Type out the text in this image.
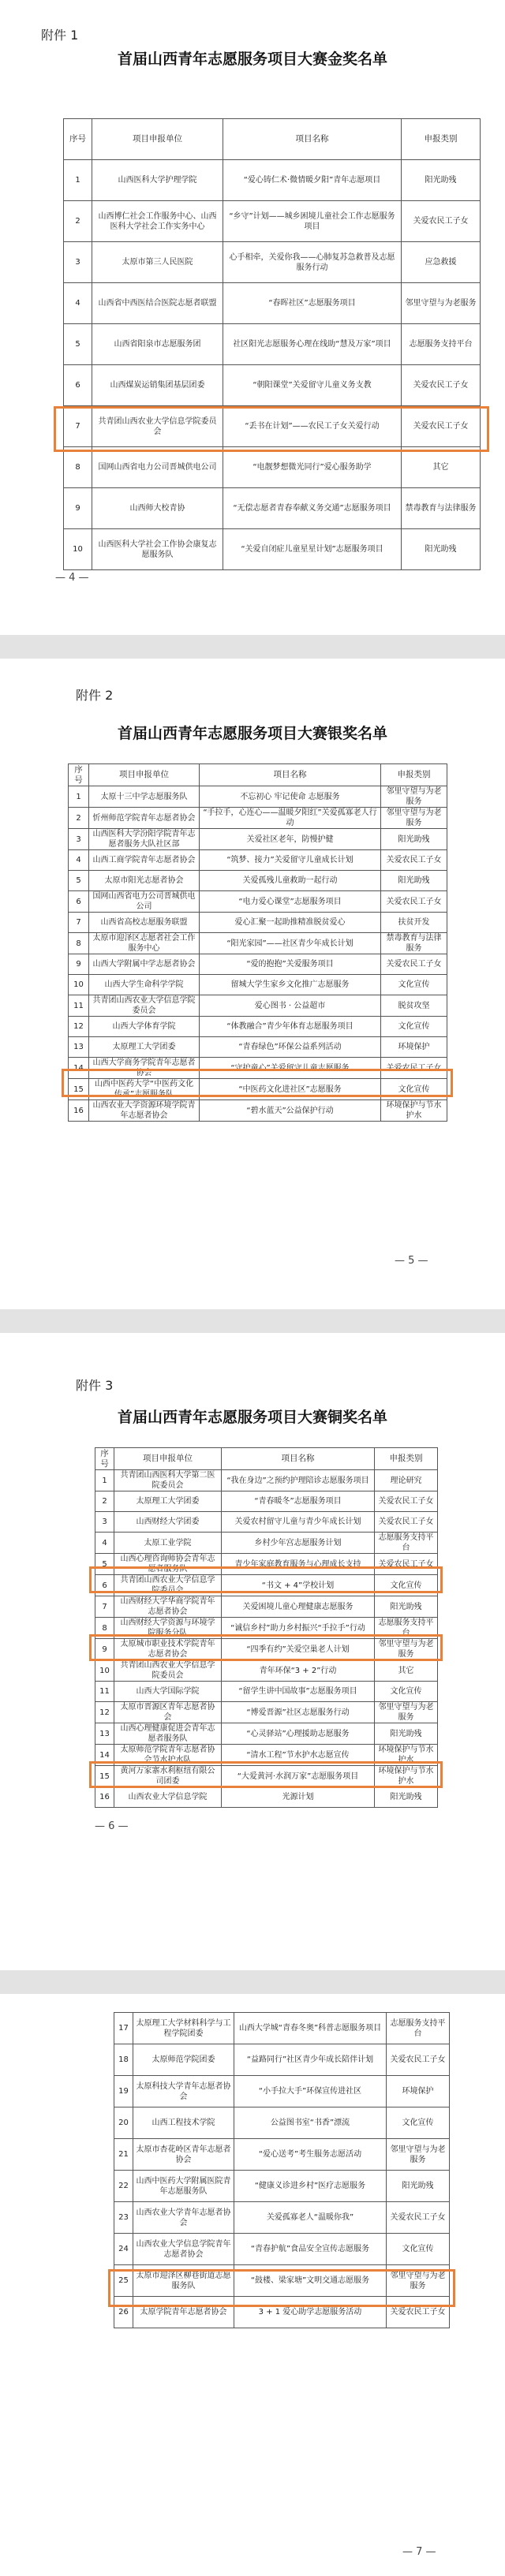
附件 1
首届山西青年志愿服务项目大赛金奖名单
序号	项目申报单位	项目名称	申报类别
1	山西医科大学护理学院	“爱心铸仁术·微情暖夕阳”青年志愿项目	阳光助残
2	山西博仁社会工作服务中心、山西医科大学社会工作实务中心	“乡守”计划——城乡困境儿童社会工作志愿服务项目	关爱农民工子女
3	太原市第三人民医院	心手相牵，关爱你我——心肺复苏急救普及志愿服务行动	应急救援
4	山西省中西医结合医院志愿者联盟	“春晖社区”志愿服务项目	邻里守望与为老服务
5	山西省阳泉市志愿服务团	社区阳光志愿服务心理在线助“慧及万家”项目	志愿服务支持平台
6	山西煤炭运销集团基层团委	“朝阳课堂”关爱留守儿童义务支教	关爱农民工子女
7	共青团山西农业大学信息学院委员会	“丢书在计划”——农民工子女关爱行动	关爱农民工子女
8	国网山西省电力公司晋城供电公司	“电靓梦想微光同行”爱心服务助学	其它
9	山西师大校青协	“无偿志愿者青春奉献义务交通”志愿服务项目	禁毒教育与法律服务
10	山西医科大学社会工作协会康复志愿服务队	“关爱自闭症儿童星星计划”志愿服务项目	阳光助残
— 4 —
附件 2
首届山西青年志愿服务项目大赛银奖名单
序号	项目申报单位	项目名称	申报类别
1	太原十三中学志愿服务队	不忘初心 牢记使命 志愿服务	邻里守望与为老服务
2	忻州师范学院青年志愿者协会	“手拉手，心连心——温暖夕阳红”关爱孤寡老人行动	邻里守望与为老服务
3	山西医科大学汾阳学院青年志愿者服务大队社区部	关爱社区老年，防慢护健	阳光助残
4	山西工商学院青年志愿者协会	“筑梦、接力”关爱留守儿童成长计划	关爱农民工子女
5	太原市阳光志愿者协会	关爱孤残儿童救助一起行动	阳光助残
6	国网山西省电力公司晋城供电公司	“电力爱心课堂”志愿服务项目	关爱农民工子女
7	山西省高校志愿服务联盟	爱心汇聚一起助推精准脱贫爱心	扶贫开发
8	太原市迎泽区志愿者社会工作服务中心	“阳光家园”——社区青少年成长计划	禁毒教育与法律服务
9	山西大学附属中学志愿者协会	“爱的抱抱”关爱服务项目	关爱农民工子女
10	山西大学生命科学学院	留城大学生家乡文化推广志愿服务	文化宣传
11	共青团山西农业大学信息学院委员会	爱心图书 · 公益超市	脱贫攻坚
12	山西大学体育学院	“体教融合”青少年体育志愿服务项目	文化宣传
13	太原理工大学团委	“青春绿色”环保公益系列活动	环境保护
14	山西大学商务学院青年志愿者协会	“守护童心”关爱留守儿童志愿服务	关爱农民工子女
15	山西中医药大学“中医药文化传承”志愿服务队	“中医药文化进社区”志愿服务	文化宣传
16	山西农业大学资源环境学院青年志愿者协会	“碧水蓝天”公益保护行动	环境保护与节水护水
— 5 —
附件 3
首届山西青年志愿服务项目大赛铜奖名单
序号	项目申报单位	项目名称	申报类别
1	共青团山西医科大学第二医院委员会	“我在身边”之预约护理陪诊志愿服务项目	理论研究
2	太原理工大学团委	“青春暖冬”志愿服务项目	关爱农民工子女
3	山西财经大学团委	关爱农村留守儿童与青少年成长计划	关爱农民工子女
4	太原工业学院	乡村少年宫志愿服务计划	志愿服务支持平台
5	山西心理咨询师协会青年志愿者服务队	青少年家庭教育服务与心理成长支持	关爱农民工子女
6	共青团山西农业大学信息学院委员会	“书文 + 4”学校计划	文化宣传
7	山西财经大学华商学院青年志愿者协会	关爱困境儿童心理健康志愿服务	阳光助残
8	山西财经大学资源与环境学院服务分队	“诚信乡村”助力乡村振兴“手拉手”行动	志愿服务支持平台
9	太原城市职业技术学院青年志愿者协会	“四季有约”关爱空巢老人计划	邻里守望与为老服务
10	共青团山西农业大学信息学院委员会	青年环保“3 + 2”行动	其它
11	山西大学国际学院	“留学生讲中国故事”志愿服务项目	文化宣传
12	太原市晋源区青年志愿者协会	“博爱晋源”社区志愿服务行动	邻里守望与为老服务
13	山西心理健康促进会青年志愿者服务队	“心灵驿站”心理援助志愿服务	阳光助残
14	太原师范学院青年志愿者协会节水护水队	“清水工程”节水护水志愿宣传	环境保护与节水护水
15	黄河万家寨水利枢纽有限公司团委	“大爱黄河·水润万家”志愿服务项目	环境保护与节水护水
16	山西农业大学信息学院	光源计划	阳光助残
— 6 —
17	太原理工大学材料科学与工程学院团委	山西大学城“青春冬奥”科普志愿服务项目	志愿服务支持平台
18	太原师范学院团委	“益路同行”社区青少年成长陪伴计划	关爱农民工子女
19	太原科技大学青年志愿者协会	“小手拉大手”环保宣传进社区	环境保护
20	山西工程技术学院	公益图书室“书香”漂流	文化宣传
21	太原市杏花岭区青年志愿者协会	“爱心送考”考生服务志愿活动	邻里守望与为老服务
22	山西中医药大学附属医院青年志愿服务队	“健康义诊进乡村”医疗志愿服务	阳光助残
23	山西农业大学青年志愿者协会	关爱孤寡老人“温暖你我”	关爱农民工子女
24	山西农业大学信息学院青年志愿者协会	“青春护航”食品安全宣传志愿服务	文化宣传
25	太原市迎泽区柳巷街道志愿服务队	“鼓楼、梁家塘”文明交通志愿服务	邻里守望与为老服务
26	太原学院青年志愿者协会	3 + 1 爱心助学志愿服务活动	关爱农民工子女
— 7 —
